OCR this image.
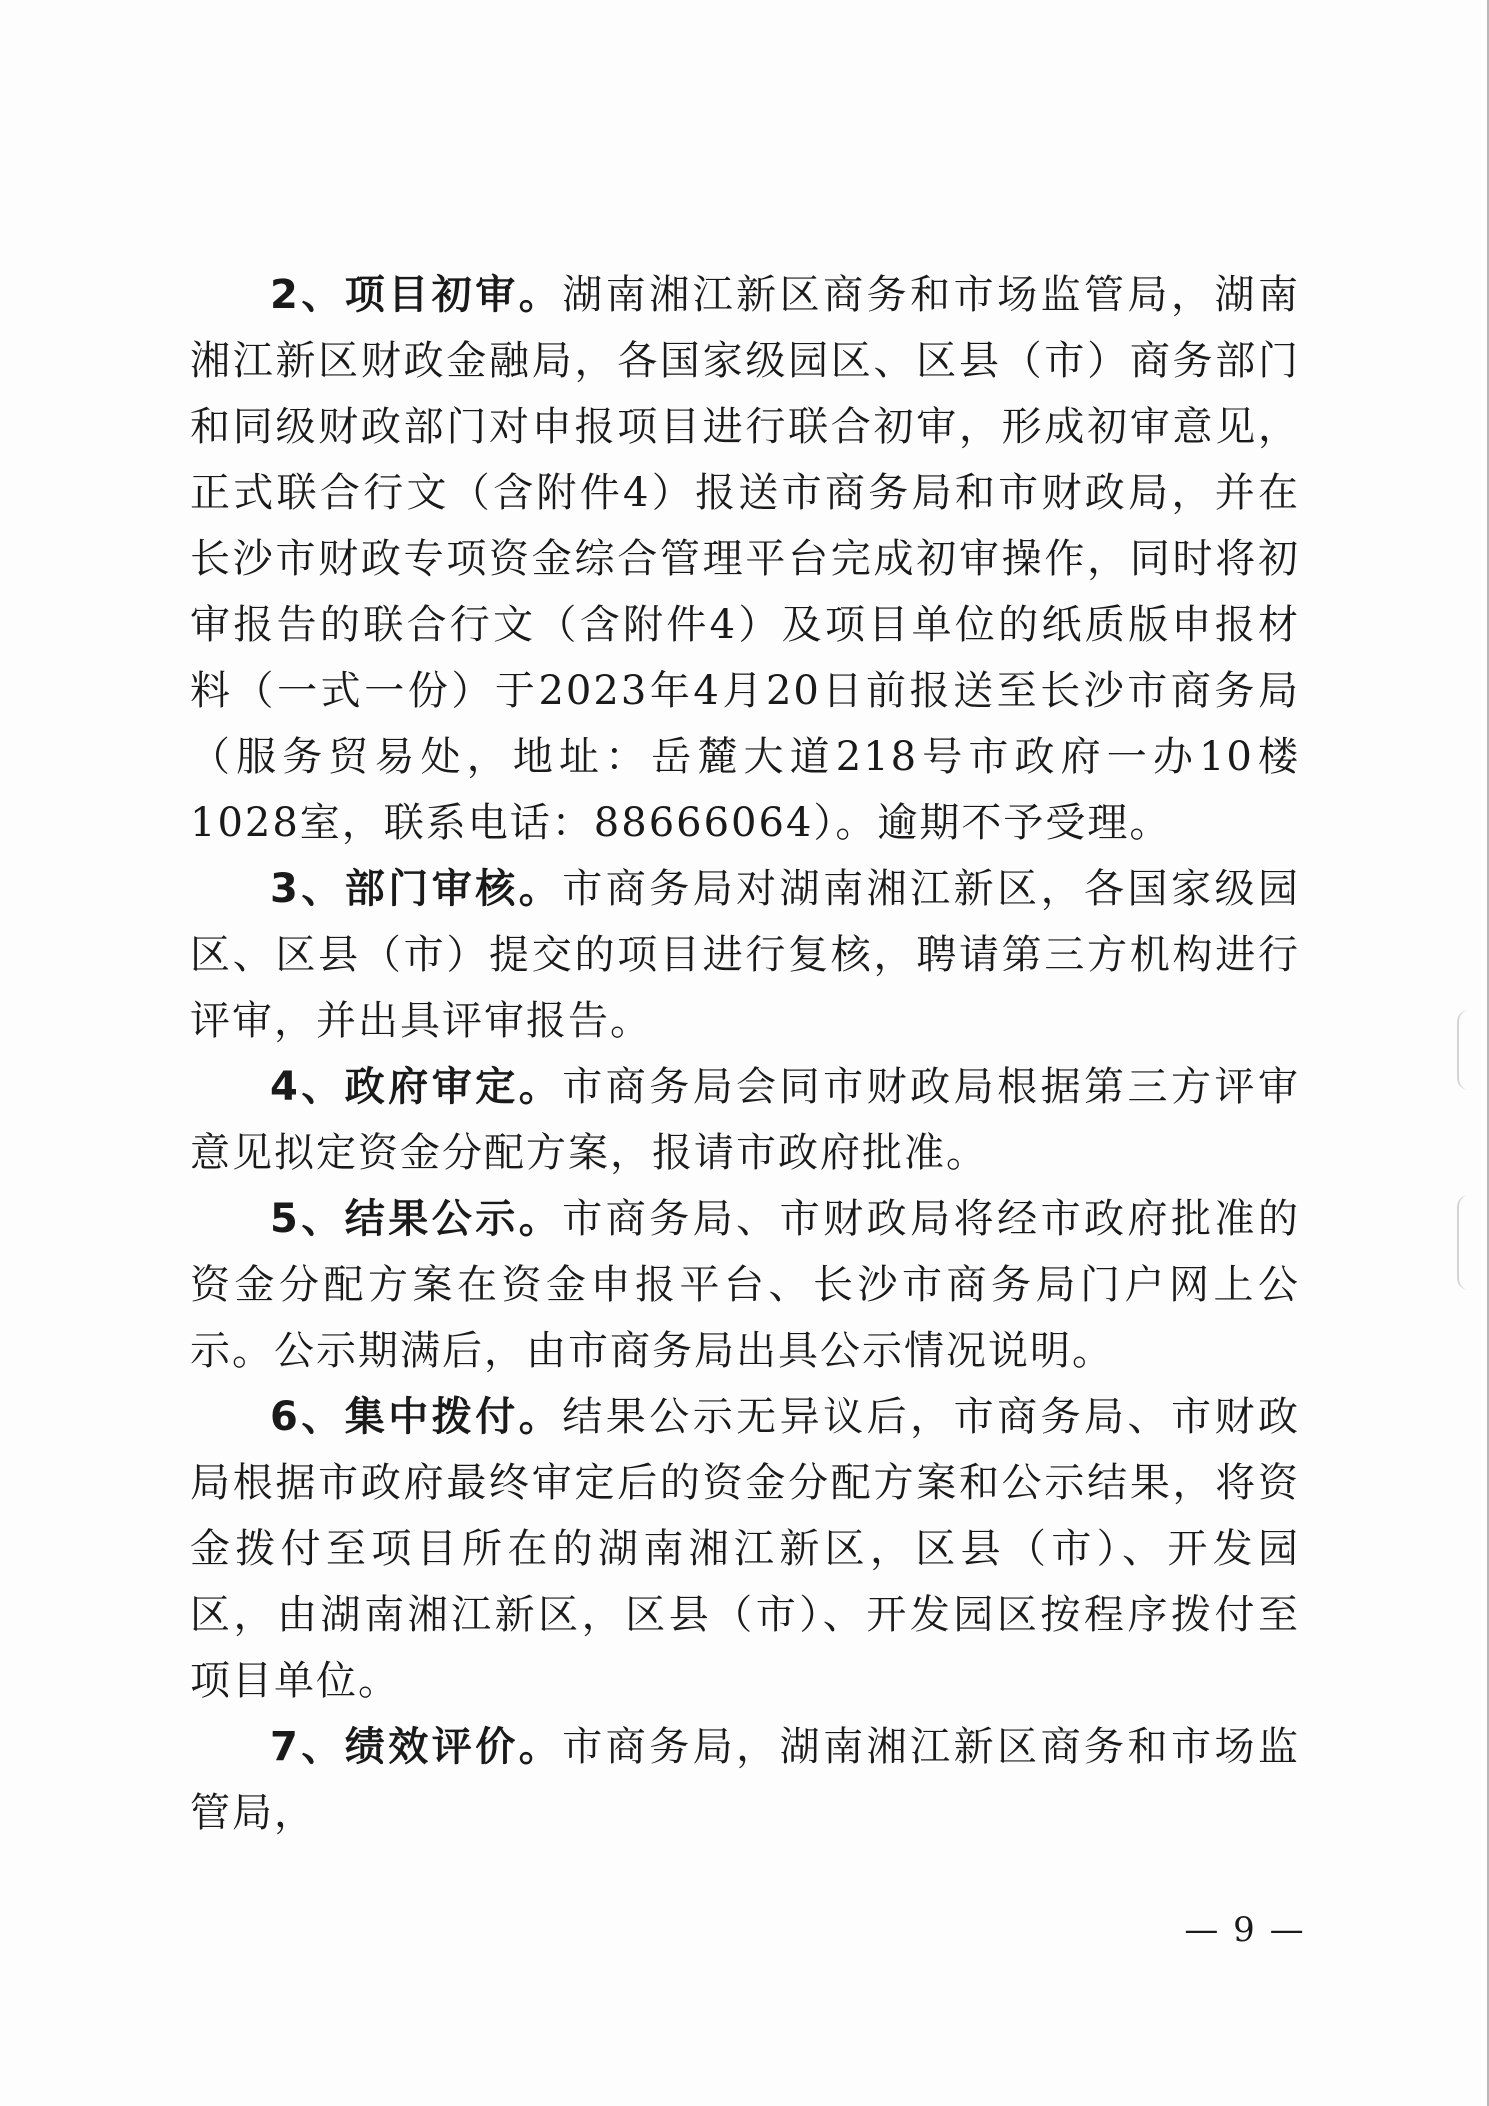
2、项目初审。湖南湘江新区商务和市场监管局，湖南湘江新区财政金融局，各国家级园区、区县（市）商务部门和同级财政部门对申报项目进行联合初审，形成初审意见，正式联合行文（含附件4）报送市商务局和市财政局，并在长沙市财政专项资金综合管理平台完成初审操作，同时将初审报告的联合行文（含附件4）及项目单位的纸质版申报材料（一式一份）于2023年4月20日前报送至长沙市商务局（服务贸易处，地址：岳麓大道218号市政府一办10楼1028室，联系电话：88666064）。逾期不予受理。

3、部门审核。市商务局对湖南湘江新区，各国家级园区、区县（市）提交的项目进行复核，聘请第三方机构进行评审，并出具评审报告。

4、政府审定。市商务局会同市财政局根据第三方评审意见拟定资金分配方案，报请市政府批准。

5、结果公示。市商务局、市财政局将经市政府批准的资金分配方案在资金申报平台、长沙市商务局门户网上公示。公示期满后，由市商务局出具公示情况说明。

6、集中拨付。结果公示无异议后，市商务局、市财政局根据市政府最终审定后的资金分配方案和公示结果，将资金拨付至项目所在的湖南湘江新区，区县（市）、开发园区，由湖南湘江新区，区县（市）、开发园区按程序拨付至项目单位。

7、绩效评价。市商务局，湖南湘江新区商务和市场监管局，

— 9 —
